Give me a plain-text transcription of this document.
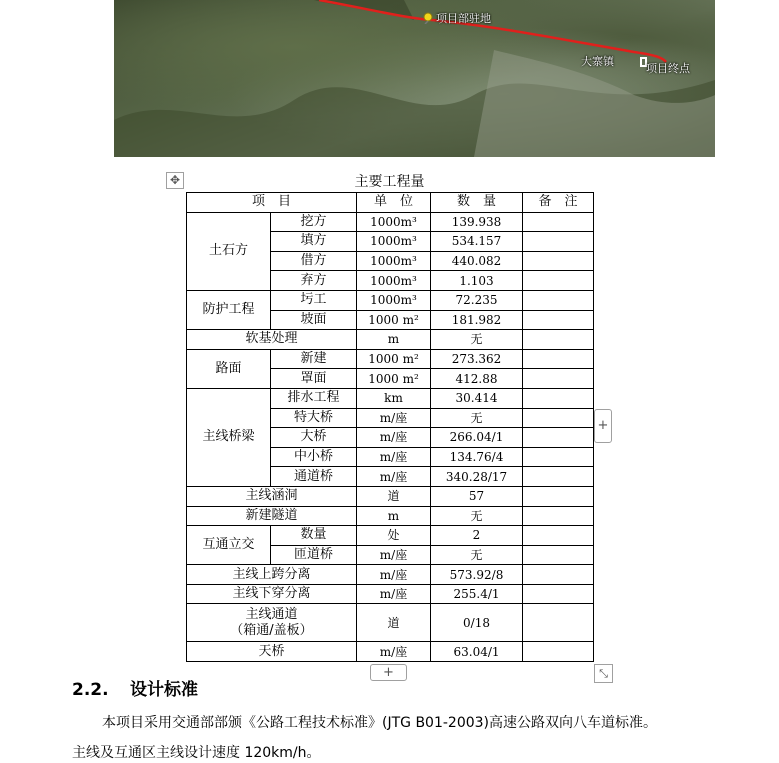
项目部驻地
大寨镇
项目终点
✥	主要工程量
项　目		单　位	数　量	备　注
土石方	挖方	1000m³	139.938	
	填方	1000m³	534.157	
	借方	1000m³	440.082	
	弃方	1000m³	1.103	
防护工程	圬工	1000m³	72.235	
	坡面	1000 m²	181.982	
软基处理		m	无	
路面	新建	1000 m²	273.362	
	罩面	1000 m²	412.88	
主线桥梁	排水工程	km	30.414	
	特大桥	m/座	无	
	大桥	m/座	266.04/1	
	中小桥	m/座	134.76/4	
	通道桥	m/座	340.28/17	
主线涵洞		道	57	
新建隧道		m	无	
互通立交	数量	处	2	
	匝道桥	m/座	无	
主线上跨分离		m/座	573.92/8	
主线下穿分离		m/座	255.4/1	

主线通道
（箱通/盖板）		道	0/18	
天桥		m/座	63.04/1	
+
+	⤡
2.2. 设计标准
本项目采用交通部部颁《公路工程技术标准》(JTG B01-2003)高速公路双向八车道标准。
主线及互通区主线设计速度 120km/h。
